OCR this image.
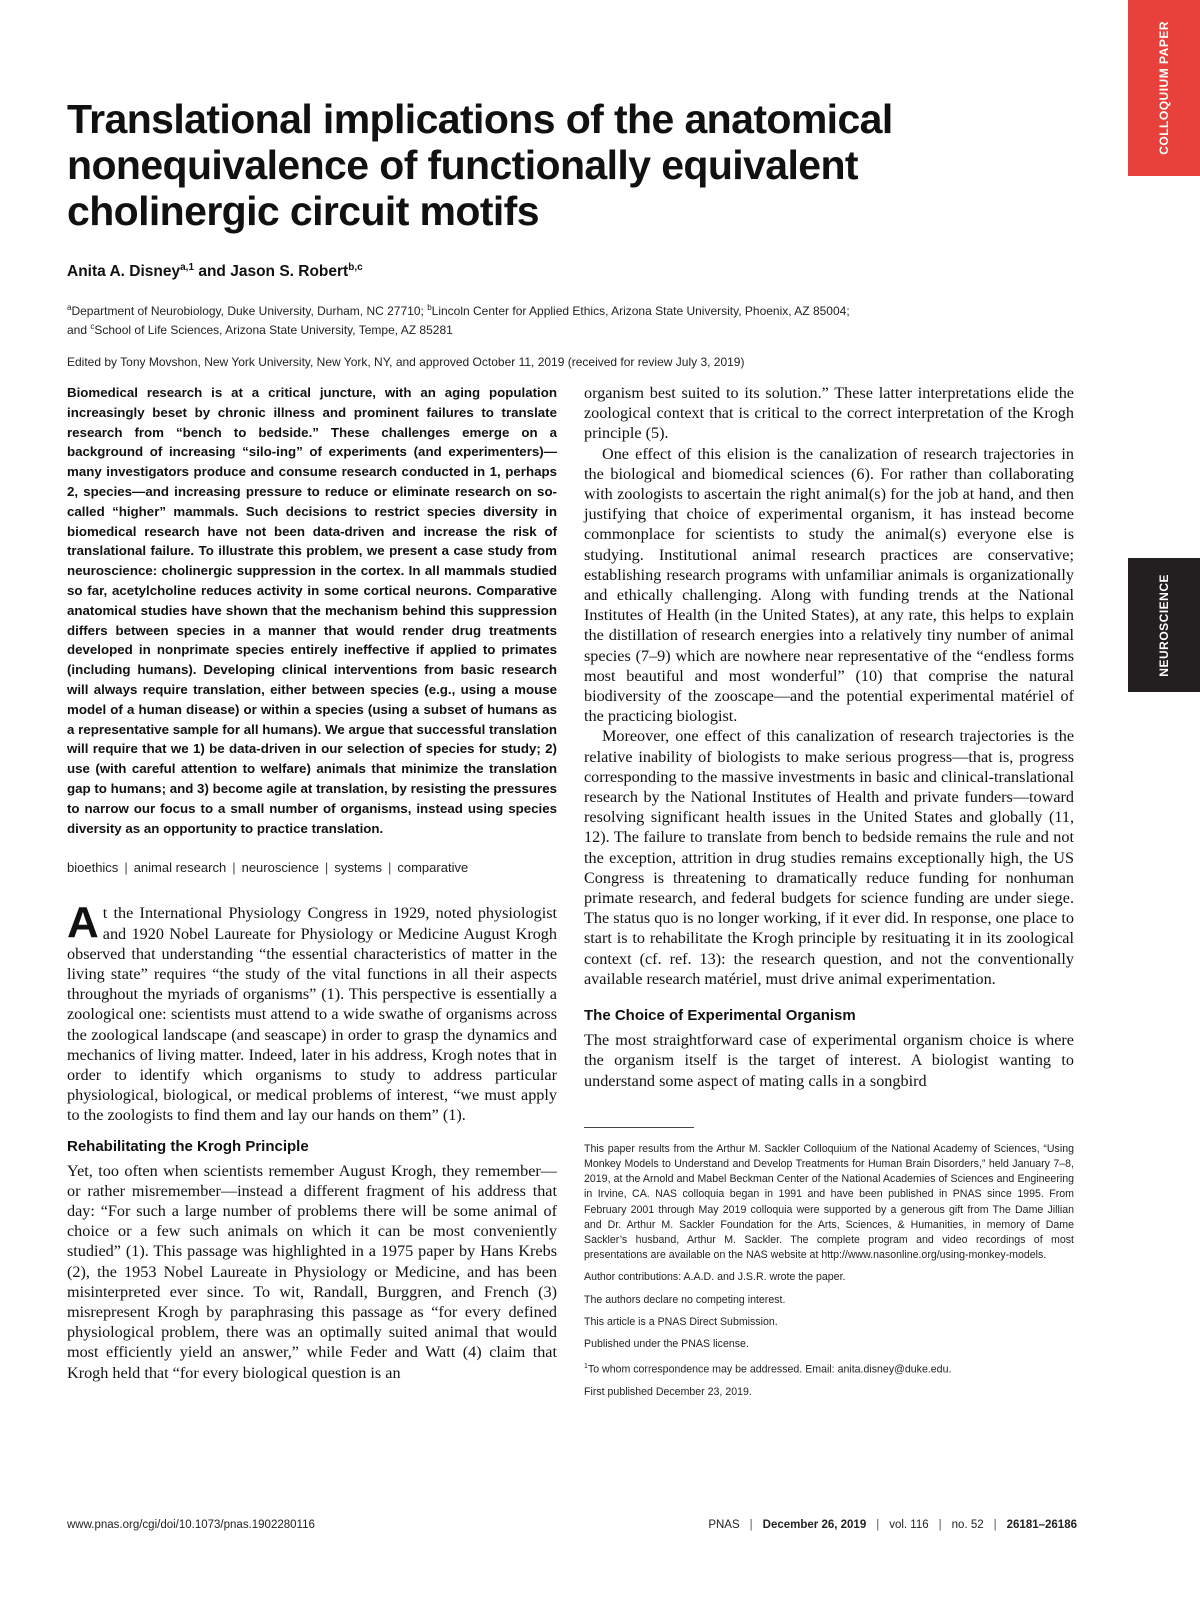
COLLOQUIUM PAPER
NEUROSCIENCE
Translational implications of the anatomical nonequivalence of functionally equivalent cholinergic circuit motifs

Anita A. Disney$^{a,1}$ and Jason S. Robert$^{b,c}$

$^a$Department of Neurobiology, Duke University, Durham, NC 27710; $^b$Lincoln Center for Applied Ethics, Arizona State University, Phoenix, AZ 85004;
and $^c$School of Life Sciences, Arizona State University, Tempe, AZ 85281
Edited by Tony Movshon, New York University, New York, NY, and approved October 11, 2019 (received for review July 3, 2019)

Biomedical research is at a critical juncture, with an aging population increasingly beset by chronic illness and prominent failures to translate research from “bench to bedside.” These challenges emerge on a background of increasing “silo-ing” of experiments (and experimenters)—many investigators produce and consume research conducted in 1, perhaps 2, species—and increasing pressure to reduce or eliminate research on so-called “higher” mammals. Such decisions to restrict species diversity in biomedical research have not been data-driven and increase the risk of translational failure. To illustrate this problem, we present a case study from neuroscience: cholinergic suppression in the cortex. In all mammals studied so far, acetylcholine reduces activity in some cortical neurons. Comparative anatomical studies have shown that the mechanism behind this suppression differs between species in a manner that would render drug treatments developed in nonprimate species entirely ineffective if applied to primates (including humans). Developing clinical interventions from basic research will always require translation, either between species (e.g., using a mouse model of a human disease) or within a species (using a subset of humans as a representative sample for all humans). We argue that successful translation will require that we 1) be data-driven in our selection of species for study; 2) use (with careful attention to welfare) animals that minimize the translation gap to humans; and 3) become agile at translation, by resisting the pressures to narrow our focus to a small number of organisms, instead using species diversity as an opportunity to practice translation.

bioethics | animal research | neuroscience | systems | comparative

At the International Physiology Congress in 1929, noted physiologist and 1920 Nobel Laureate for Physiology or Medicine August Krogh observed that understanding “the essential characteristics of matter in the living state” requires “the study of the vital functions in all their aspects throughout the myriads of organisms” (1). This perspective is essentially a zoological one: scientists must attend to a wide swathe of organisms across the zoological landscape (and seascape) in order to grasp the dynamics and mechanics of living matter. Indeed, later in his address, Krogh notes that in order to identify which organisms to study to address particular physiological, biological, or medical problems of interest, “we must apply to the zoologists to find them and lay our hands on them” (1).

Rehabilitating the Krogh Principle

Yet, too often when scientists remember August Krogh, they remember—or rather misremember—instead a different fragment of his address that day: “For such a large number of problems there will be some animal of choice or a few such animals on which it can be most conveniently studied” (1). This passage was highlighted in a 1975 paper by Hans Krebs (2), the 1953 Nobel Laureate in Physiology or Medicine, and has been misinterpreted ever since. To wit, Randall, Burggren, and French (3) misrepresent Krogh by paraphrasing this passage as “for every defined physiological problem, there was an optimally suited animal that would most efficiently yield an answer,” while Feder and Watt (4) claim that Krogh held that “for every biological question is an

organism best suited to its solution.” These latter interpretations elide the zoological context that is critical to the correct interpretation of the Krogh principle (5).

One effect of this elision is the canalization of research trajectories in the biological and biomedical sciences (6). For rather than collaborating with zoologists to ascertain the right animal(s) for the job at hand, and then justifying that choice of experimental organism, it has instead become commonplace for scientists to study the animal(s) everyone else is studying. Institutional animal research practices are conservative; establishing research programs with unfamiliar animals is organizationally and ethically challenging. Along with funding trends at the National Institutes of Health (in the United States), at any rate, this helps to explain the distillation of research energies into a relatively tiny number of animal species (7–9) which are nowhere near representative of the “endless forms most beautiful and most wonderful” (10) that comprise the natural biodiversity of the zooscape—and the potential experimental matériel of the practicing biologist.

Moreover, one effect of this canalization of research trajectories is the relative inability of biologists to make serious progress—that is, progress corresponding to the massive investments in basic and clinical-translational research by the National Institutes of Health and private funders—toward resolving significant health issues in the United States and globally (11, 12). The failure to translate from bench to bedside remains the rule and not the exception, attrition in drug studies remains exceptionally high, the US Congress is threatening to dramatically reduce funding for nonhuman primate research, and federal budgets for science funding are under siege. The status quo is no longer working, if it ever did. In response, one place to start is to rehabilitate the Krogh principle by resituating it in its zoological context (cf. ref. 13): the research question, and not the conventionally available research matériel, must drive animal experimentation.

The Choice of Experimental Organism

The most straightforward case of experimental organism choice is where the organism itself is the target of interest. A biologist wanting to understand some aspect of mating calls in a songbird

This paper results from the Arthur M. Sackler Colloquium of the National Academy of Sciences, “Using Monkey Models to Understand and Develop Treatments for Human Brain Disorders,” held January 7–8, 2019, at the Arnold and Mabel Beckman Center of the National Academies of Sciences and Engineering in Irvine, CA. NAS colloquia began in 1991 and have been published in PNAS since 1995. From February 2001 through May 2019 colloquia were supported by a generous gift from The Dame Jillian and Dr. Arthur M. Sackler Foundation for the Arts, Sciences, & Humanities, in memory of Dame Sackler’s husband, Arthur M. Sackler. The complete program and video recordings of most presentations are available on the NAS website at http://www.nasonline.org/using-monkey-models.

Author contributions: A.A.D. and J.S.R. wrote the paper.

The authors declare no competing interest.

This article is a PNAS Direct Submission.

Published under the PNAS license.

$^1$To whom correspondence may be addressed. Email: anita.disney@duke.edu.

First published December 23, 2019.

www.pnas.org/cgi/doi/10.1073/pnas.1902280116	PNAS | December 26, 2019 | vol. 116 | no. 52 | 26181–26186
